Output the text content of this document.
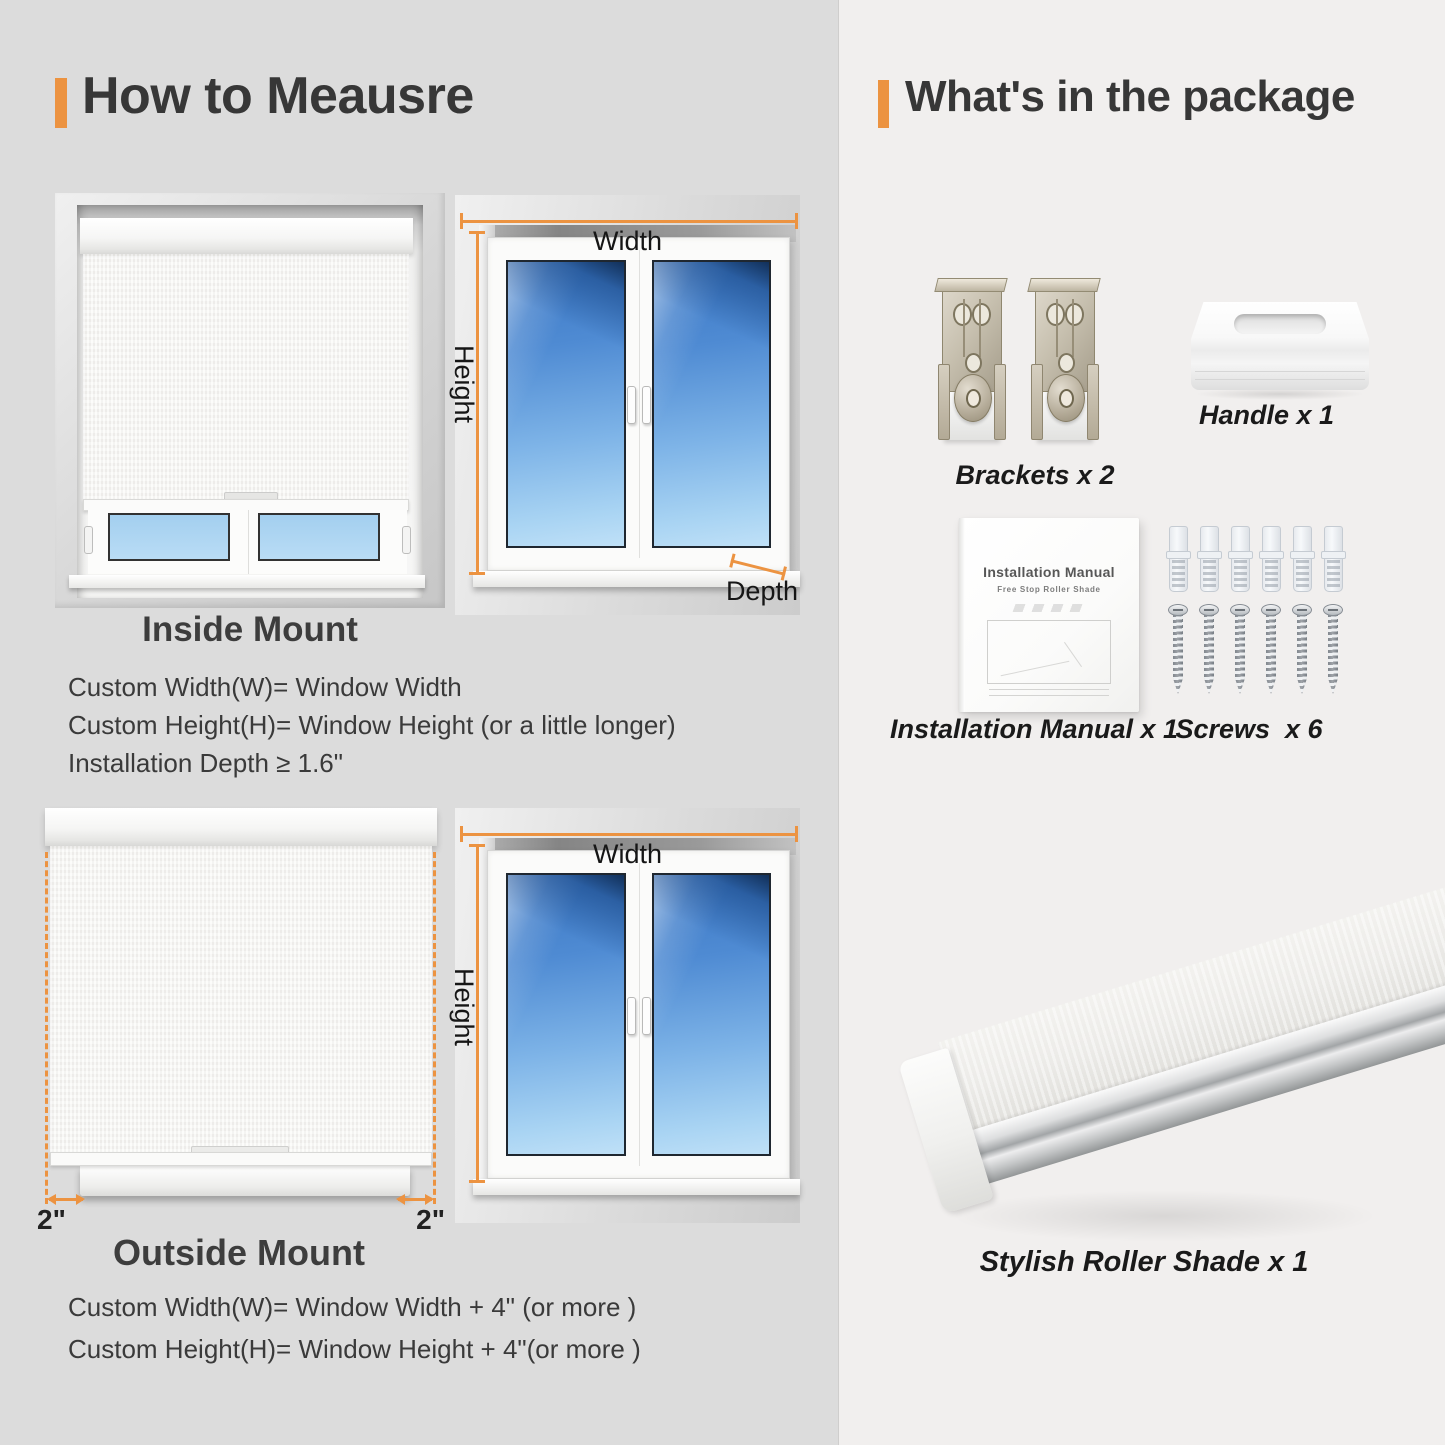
How to Meausre
Width
Height
Depth
Inside Mount
Custom Width(W)= Window Width
Custom Height(H)= Window Height (or a little longer)
Installation Depth ≥ 1.6"
2"	2"
Width
Height
Outside Mount
Custom Width(W)= Window Width + 4" (or more )
Custom Height(H)= Window Height + 4"(or more )
What's in the package
Brackets x 2
Handle x 1
Installation Manual
Free Stop Roller Shade
Installation Manual x 1
Screws  x 6
Stylish Roller Shade x 1
